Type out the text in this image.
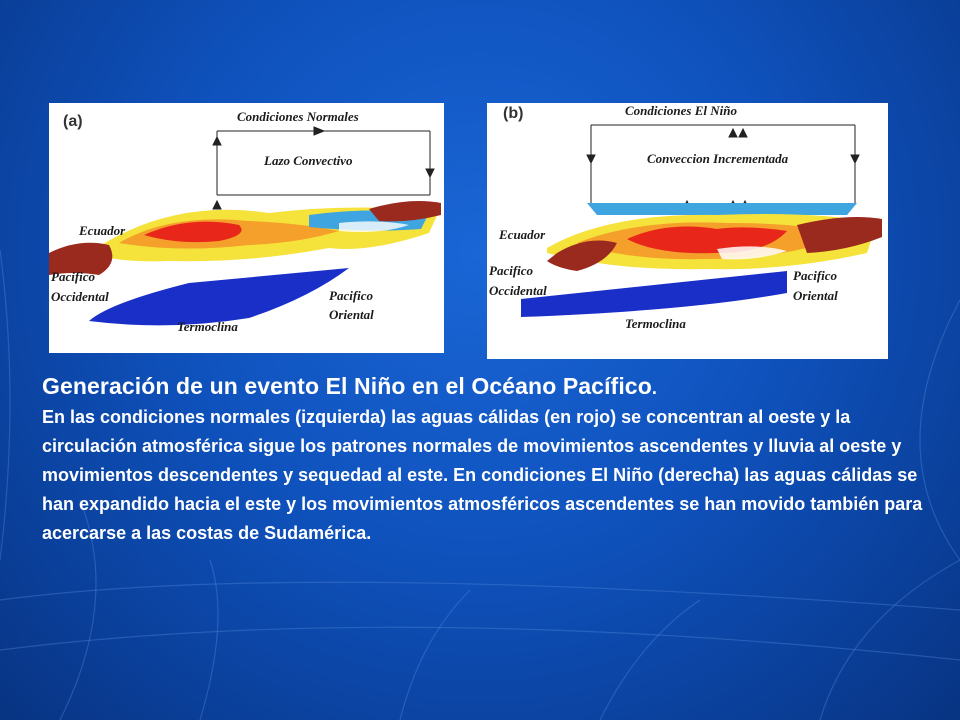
(a)	Condiciones Normales
Lazo Convectivo
Ecuador
Pacifico
Occidental	Pacifico
Oriental
Termoclina
(b)	Condiciones El Niño
Conveccion Incrementada
Ecuador
Pacifico
Occidental
Pacifico
Oriental
Termoclina
Generación de un evento El Niño en el Océano Pacífico.
En las condiciones normales (izquierda) las aguas cálidas (en rojo) se concentran al oeste y la circulación atmosférica sigue los patrones normales de movimientos ascendentes y lluvia al oeste y movimientos descendentes y sequedad al este. En condiciones El Niño (derecha) las aguas cálidas se han expandido hacia el este y los movimientos atmosféricos ascendentes se han movido también para acercarse a las costas de Sudamérica.
